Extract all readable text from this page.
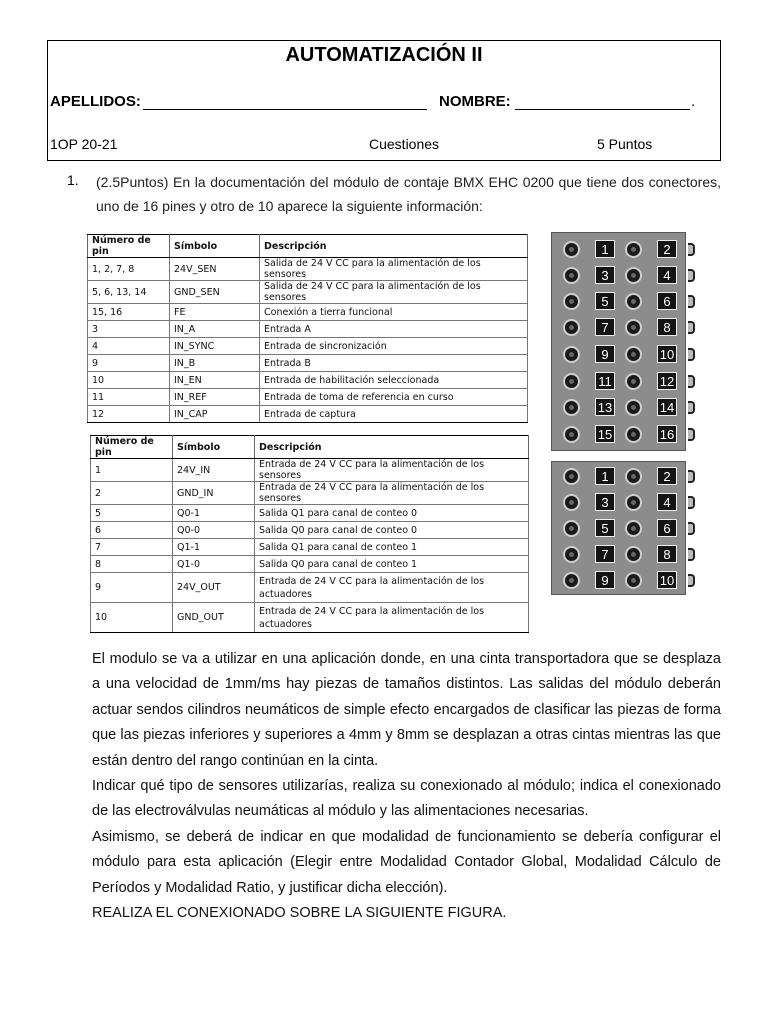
AUTOMATIZACIÓN II
APELLIDOS:	NOMBRE:	.
1OP 20-21	Cuestiones	5 Puntos
1. (2.5Puntos) En la documentación del módulo de contaje BMX EHC 0200 que tiene dos conectores, uno de 16 pines y otro de 10 aparece la siguiente información:
Número de pin	Símbolo	Descripción
1, 2, 7, 8	24V_SEN	Salida de 24 V CC para la alimentación de los sensores
5, 6, 13, 14	GND_SEN	Salida de 24 V CC para la alimentación de los sensores
15, 16	FE	Conexión a tierra funcional
3	IN_A	Entrada A
4	IN_SYNC	Entrada de sincronización
9	IN_B	Entrada B
10	IN_EN	Entrada de habilitación seleccionada
11	IN_REF	Entrada de toma de referencia en curso
12	IN_CAP	Entrada de captura
Número de pin	Símbolo	Descripción
1	24V_IN	Entrada de 24 V CC para la alimentación de los sensores
2	GND_IN	Entrada de 24 V CC para la alimentación de los sensores
5	Q0-1	Salida Q1 para canal de conteo 0
6	Q0-0	Salida Q0 para canal de conteo 0
7	Q1-1	Salida Q1 para canal de conteo 1
8	Q1-0	Salida Q0 para canal de conteo 1
9	24V_OUT	Entrada de 24 V CC para la alimentación de los actuadores
10	GND_OUT	Entrada de 24 V CC para la alimentación de los actuadores
1	2
3	4
5	6
7	8
9	10
11	12
13	14
15	16
1	2
3	4
5	6
7	8
9	10

El modulo se va a utilizar en una aplicación donde, en una cinta transportadora que se desplaza a una velocidad de 1mm/ms hay piezas de tamaños distintos. Las salidas del módulo deberán actuar sendos cilindros neumáticos de simple efecto encargados de clasificar las piezas de forma que las piezas inferiores y superiores a 4mm y 8mm se desplazan a otras cintas mientras las que están dentro del rango continúan en la cinta.

Indicar qué tipo de sensores utilizarías, realiza su conexionado al módulo; indica el conexionado de las electroválvulas neumáticas al módulo y las alimentaciones necesarias.

Asimismo, se deberá de indicar en que modalidad de funcionamiento se debería configurar el módulo para esta aplicación (Elegir entre Modalidad Contador Global, Modalidad Cálculo de Períodos y Modalidad Ratio, y justificar dicha elección).

REALIZA EL CONEXIONADO SOBRE LA SIGUIENTE FIGURA.
